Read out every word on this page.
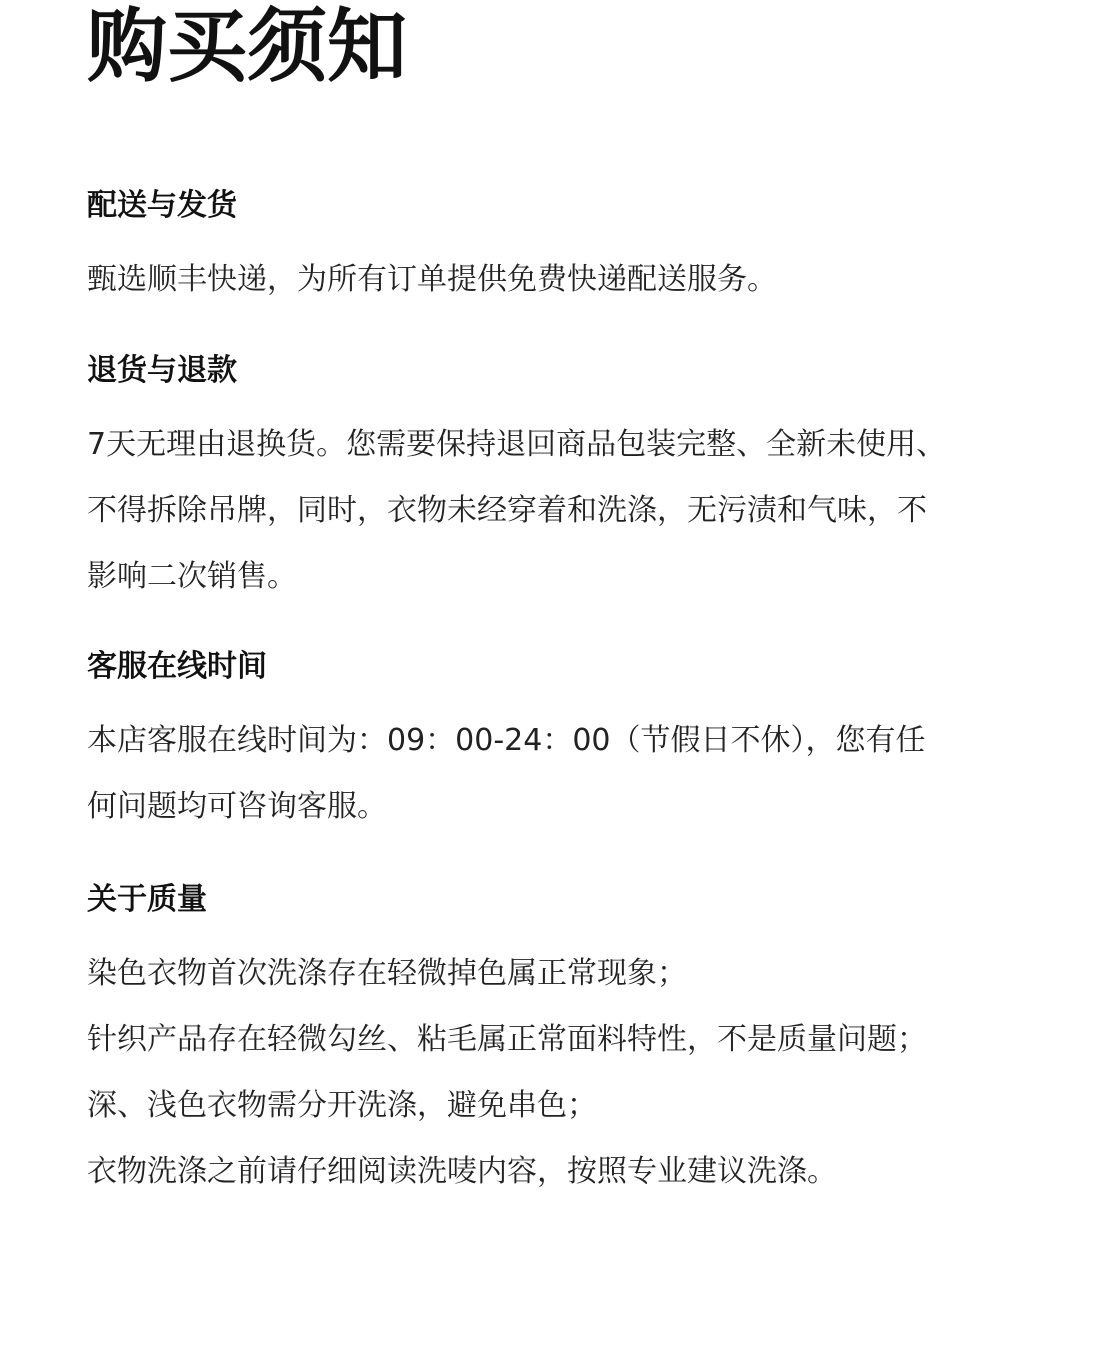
购买须知
配送与发货

甄选顺丰快递，为所有订单提供免费快递配送服务。

退货与退款

7天无理由退换货。您需要保持退回商品包装完整、全新未使用、

不得拆除吊牌，同时，衣物未经穿着和洗涤，无污渍和气味，不

影响二次销售。

客服在线时间

本店客服在线时间为：09：00-24：00（节假日不休），您有任

何问题均可咨询客服。

关于质量

染色衣物首次洗涤存在轻微掉色属正常现象；

针织产品存在轻微勾丝、粘毛属正常面料特性，不是质量问题；

深、浅色衣物需分开洗涤，避免串色；

衣物洗涤之前请仔细阅读洗唛内容，按照专业建议洗涤。
